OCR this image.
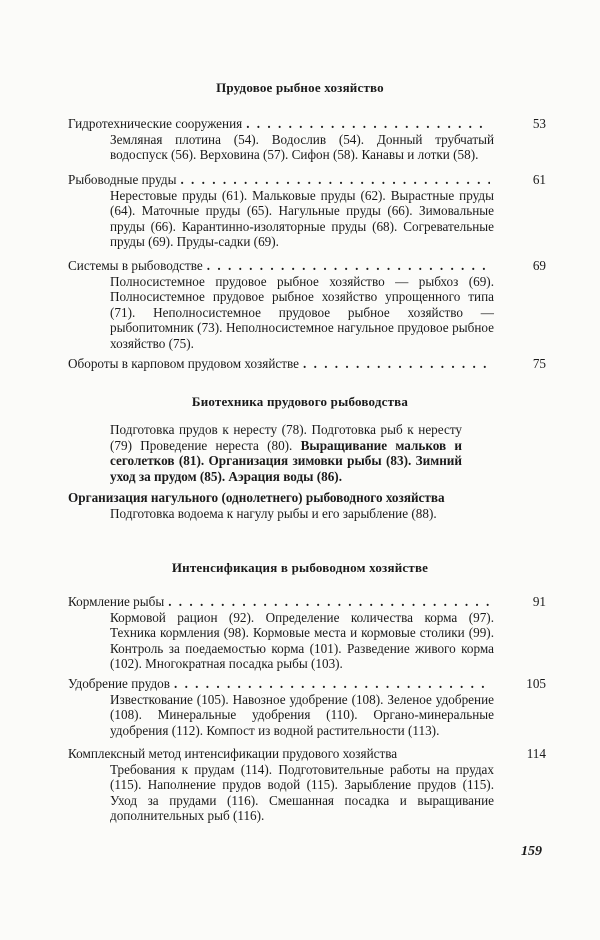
Прудовое рыбное хозяйство
Гидротехнические сооружения . . .	53
Земляная плотина (54). Водослив (54). Донный трубчатый водоспуск (56). Верховина (57). Сифон (58). Канавы и лотки (58).
Рыбоводные пруды . . .	61
Нерестовые пруды (61). Мальковые пруды (62). Вырастные пруды (64). Маточные пруды (65). Нагульные пруды (66). Зимовальные пруды (66). Карантинно-изоляторные пруды (68). Согревательные пруды (69). Пруды-садки (69).
Системы в рыбоводстве . . .	69
Полносистемное прудовое рыбное хозяйство — рыбхоз (69). Полносистемное прудовое рыбное хозяйство упрощенного типа (71). Неполносистемное прудовое рыбное хозяйство — рыбопитомник (73). Неполносистемное нагульное прудовое рыбное хозяйство (75).
Обороты в карповом прудовом хозяйстве . . .	75
Биотехника прудового рыбоводства
Подготовка прудов к нересту (78). Подготовка рыб к нересту (79) Проведение нереста (80). Выращивание мальков и сеголетков (81). Организация зимовки рыбы (83). Зимний уход за прудом (85). Аэрация воды (86).
Организация нагульного (однолетнего) рыбоводного хозяйства
Подготовка водоема к нагулу рыбы и его зарыбление (88).
Интенсификация в рыбоводном хозяйстве
Кормление рыбы . . .	91
Кормовой рацион (92). Определение количества корма (97). Техника кормления (98). Кормовые места и кормовые столики (99). Контроль за поедаемостью корма (101). Разведение живого корма (102). Многократная посадка рыбы (103).
Удобрение прудов . . .	105
Известкование (105). Навозное удобрение (108). Зеленое удобрение (108). Минеральные удобрения (110). Органо-минеральные удобрения (112). Компост из водной растительности (113).
Комплексный метод интенсификации прудового хозяйства	114
Требования к прудам (114). Подготовительные работы на прудах (115). Наполнение прудов водой (115). Зарыбление прудов (115). Уход за прудами (116). Смешанная посадка и выращивание дополнительных рыб (116).
159
